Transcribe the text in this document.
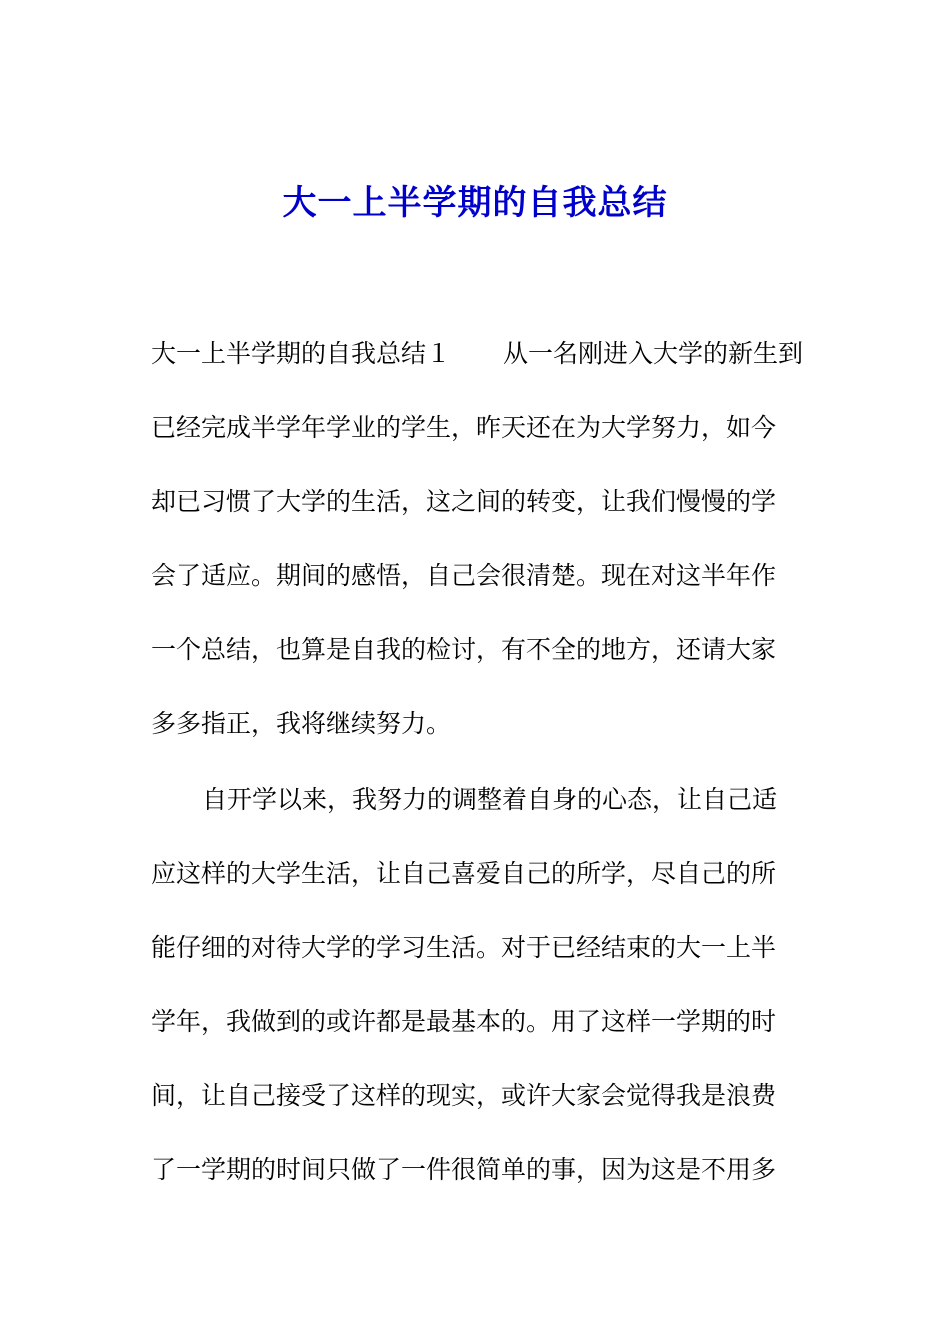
大一上半学期的自我总结

大一上半学期的自我总结１ 从一名刚进入大学的新生到

已经完成半学年学业的学生，昨天还在为大学努力，如今

却已习惯了大学的生活，这之间的转变，让我们慢慢的学

会了适应。期间的感悟，自己会很清楚。现在对这半年作

一个总结，也算是自我的检讨，有不全的地方，还请大家

多多指正，我将继续努力。

自开学以来，我努力的调整着自身的心态，让自己适

应这样的大学生活，让自己喜爱自己的所学，尽自己的所

能仔细的对待大学的学习生活。对于已经结束的大一上半

学年，我做到的或许都是最基本的。用了这样一学期的时

间，让自己接受了这样的现实，或许大家会觉得我是浪费

了一学期的时间只做了一件很简单的事，因为这是不用多
